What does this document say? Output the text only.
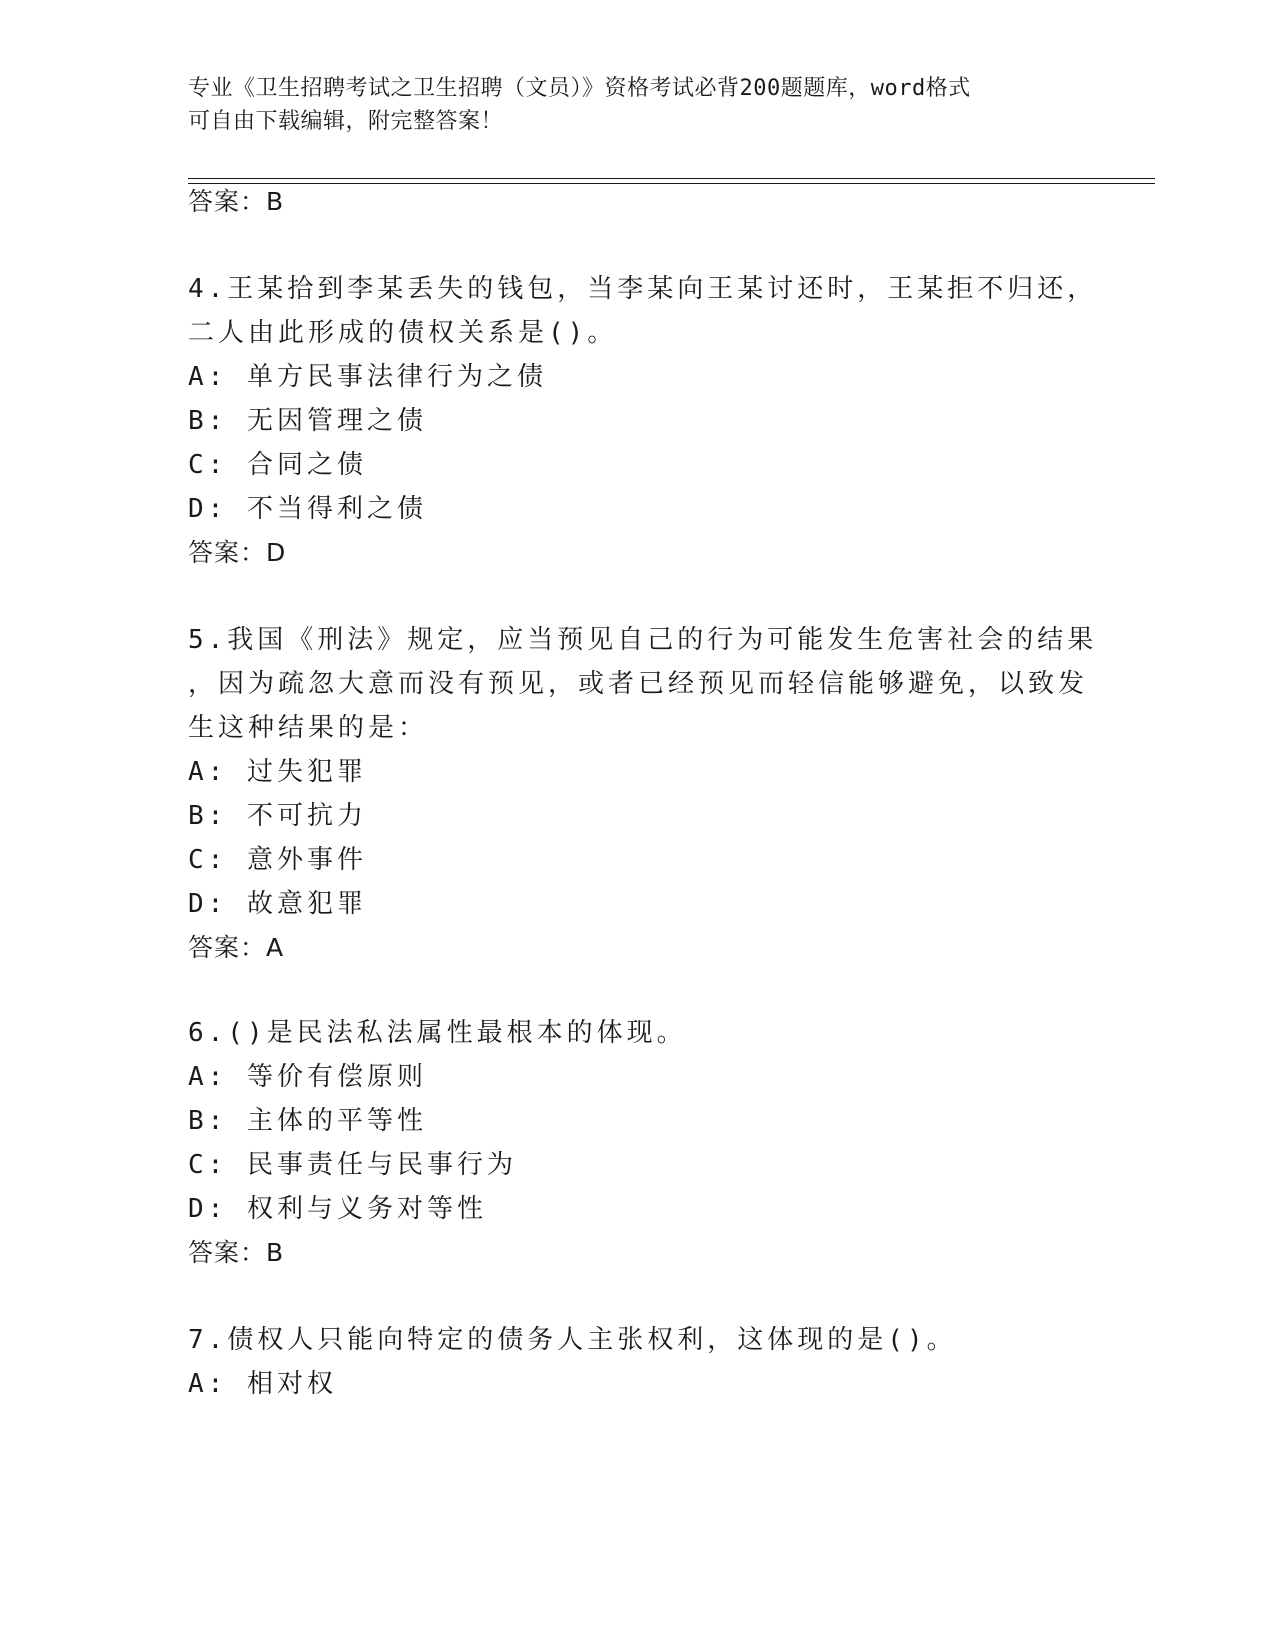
专业《卫生招聘考试之卫生招聘（文员）》资格考试必背200题题库，word格式
可自由下载编辑，附完整答案！
答案：B
4.王某拾到李某丢失的钱包，当李某向王某讨还时，王某拒不归还，
二人由此形成的债权关系是()。
A: 单方民事法律行为之债
B: 无因管理之债
C: 合同之债
D: 不当得利之债
答案：D
5.我国《刑法》规定，应当预见自己的行为可能发生危害社会的结果
，因为疏忽大意而没有预见，或者已经预见而轻信能够避免，以致发
生这种结果的是：
A: 过失犯罪
B: 不可抗力
C: 意外事件
D: 故意犯罪
答案：A
6.()是民法私法属性最根本的体现。
A: 等价有偿原则
B: 主体的平等性
C: 民事责任与民事行为
D: 权利与义务对等性
答案：B
7.债权人只能向特定的债务人主张权利，这体现的是()。
A: 相对权
